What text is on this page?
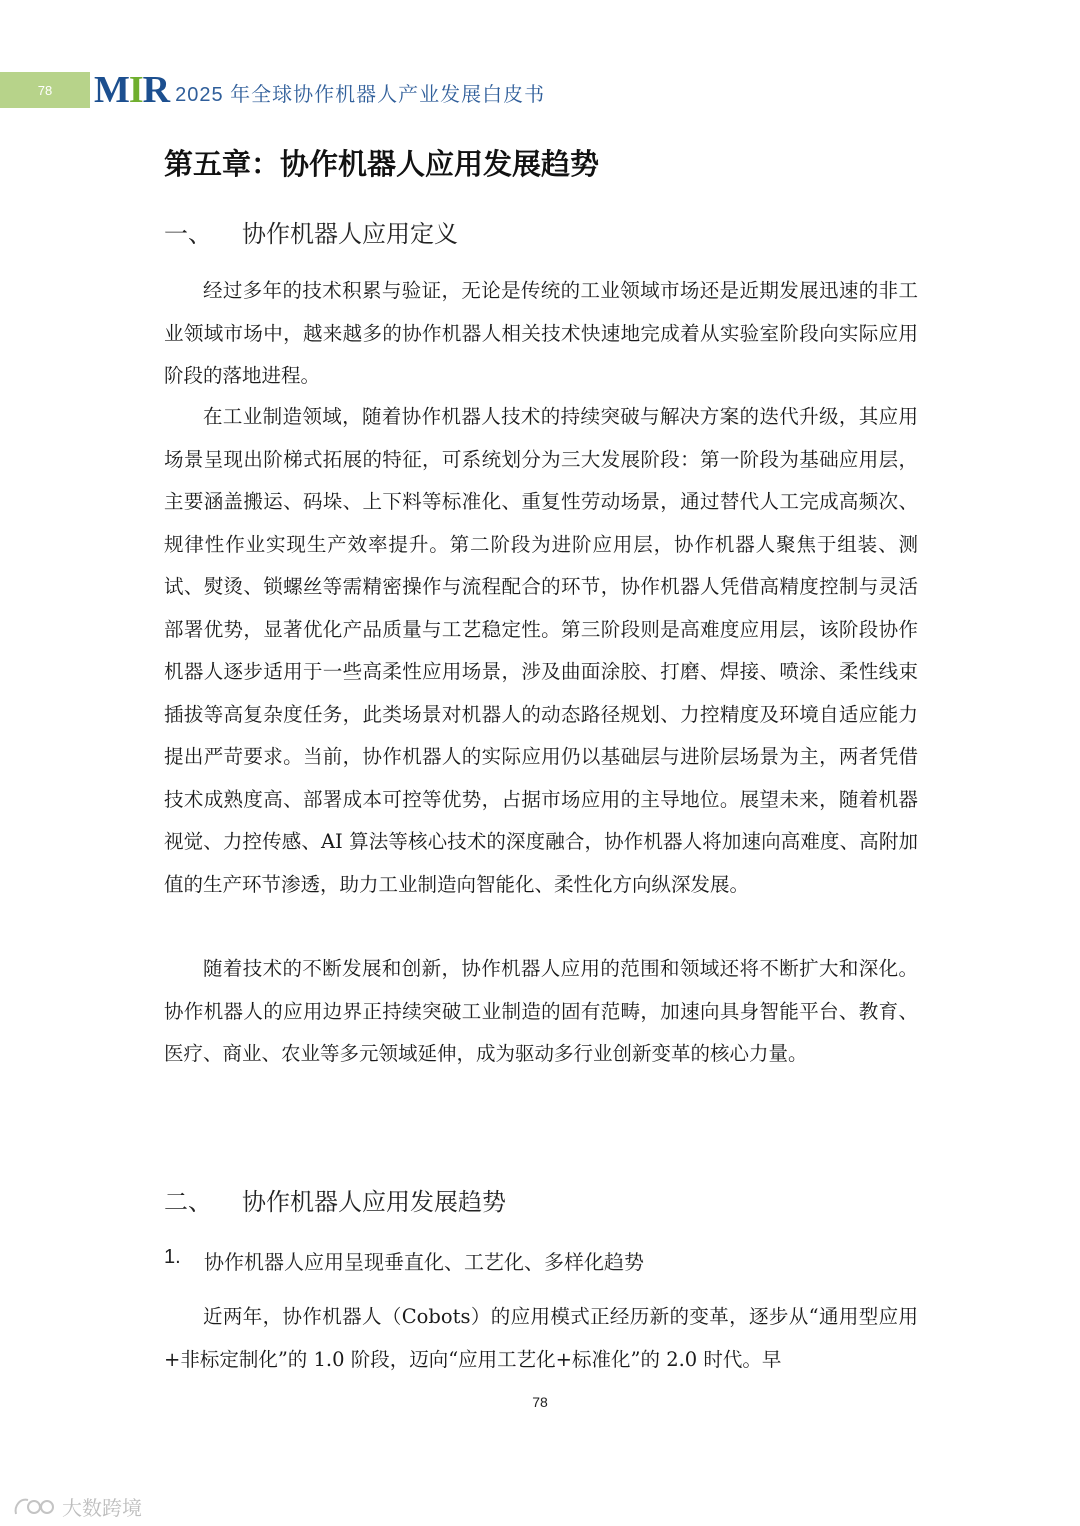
78	MIR 2025 年全球协作机器人产业发展白皮书
第五章：协作机器人应用发展趋势
一、	协作机器人应用定义

经过多年的技术积累与验证，无论是传统的工业领域市场还是近期发展迅速的非工业领域市场中，越来越多的协作机器人相关技术快速地完成着从实验室阶段向实际应用阶段的落地进程。

在工业制造领域，随着协作机器人技术的持续突破与解决方案的迭代升级，其应用场景呈现出阶梯式拓展的特征，可系统划分为三大发展阶段：第一阶段为基础应用层，主要涵盖搬运、码垛、上下料等标准化、重复性劳动场景，通过替代人工完成高频次、规律性作业实现生产效率提升。第二阶段为进阶应用层，协作机器人聚焦于组装、测试、熨烫、锁螺丝等需精密操作与流程配合的环节，协作机器人凭借高精度控制与灵活部署优势，显著优化产品质量与工艺稳定性。第三阶段则是高难度应用层，该阶段协作机器人逐步适用于一些高柔性应用场景，涉及曲面涂胶、打磨、焊接、喷涂、柔性线束插拔等高复杂度任务，此类场景对机器人的动态路径规划、力控精度及环境自适应能力提出严苛要求。当前，协作机器人的实际应用仍以基础层与进阶层场景为主，两者凭借技术成熟度高、部署成本可控等优势，占据市场应用的主导地位。展望未来，随着机器视觉、力控传感、AI 算法等核心技术的深度融合，协作机器人将加速向高难度、高附加值的生产环节渗透，助力工业制造向智能化、柔性化方向纵深发展。

随着技术的不断发展和创新，协作机器人应用的范围和领域还将不断扩大和深化。协作机器人的应用边界正持续突破工业制造的固有范畴，加速向具身智能平台、教育、医疗、商业、农业等多元领域延伸，成为驱动多行业创新变革的核心力量。

二、	协作机器人应用发展趋势
1.	协作机器人应用呈现垂直化、工艺化、多样化趋势

近两年，协作机器人（Cobots）的应用模式正经历新的变革，逐步从“通用型应用+非标定制化”的 1.0 阶段，迈向“应用工艺化+标准化”的 2.0 时代。早

78
大数跨境
